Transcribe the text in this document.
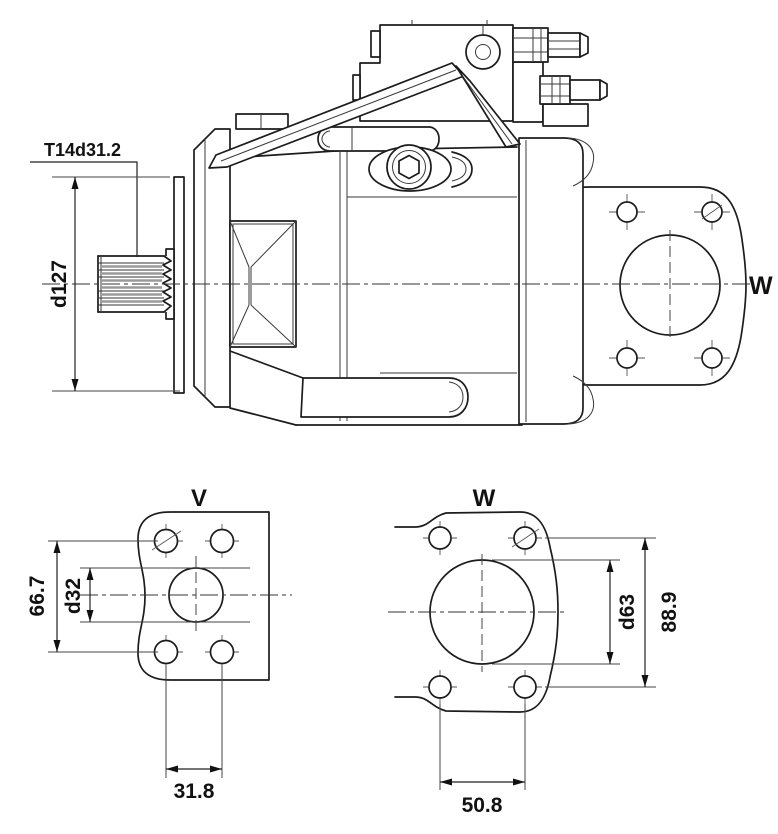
T14d31.2
d127	W
V
66.7 d32
31.8
W
d63 88.9
50.8
